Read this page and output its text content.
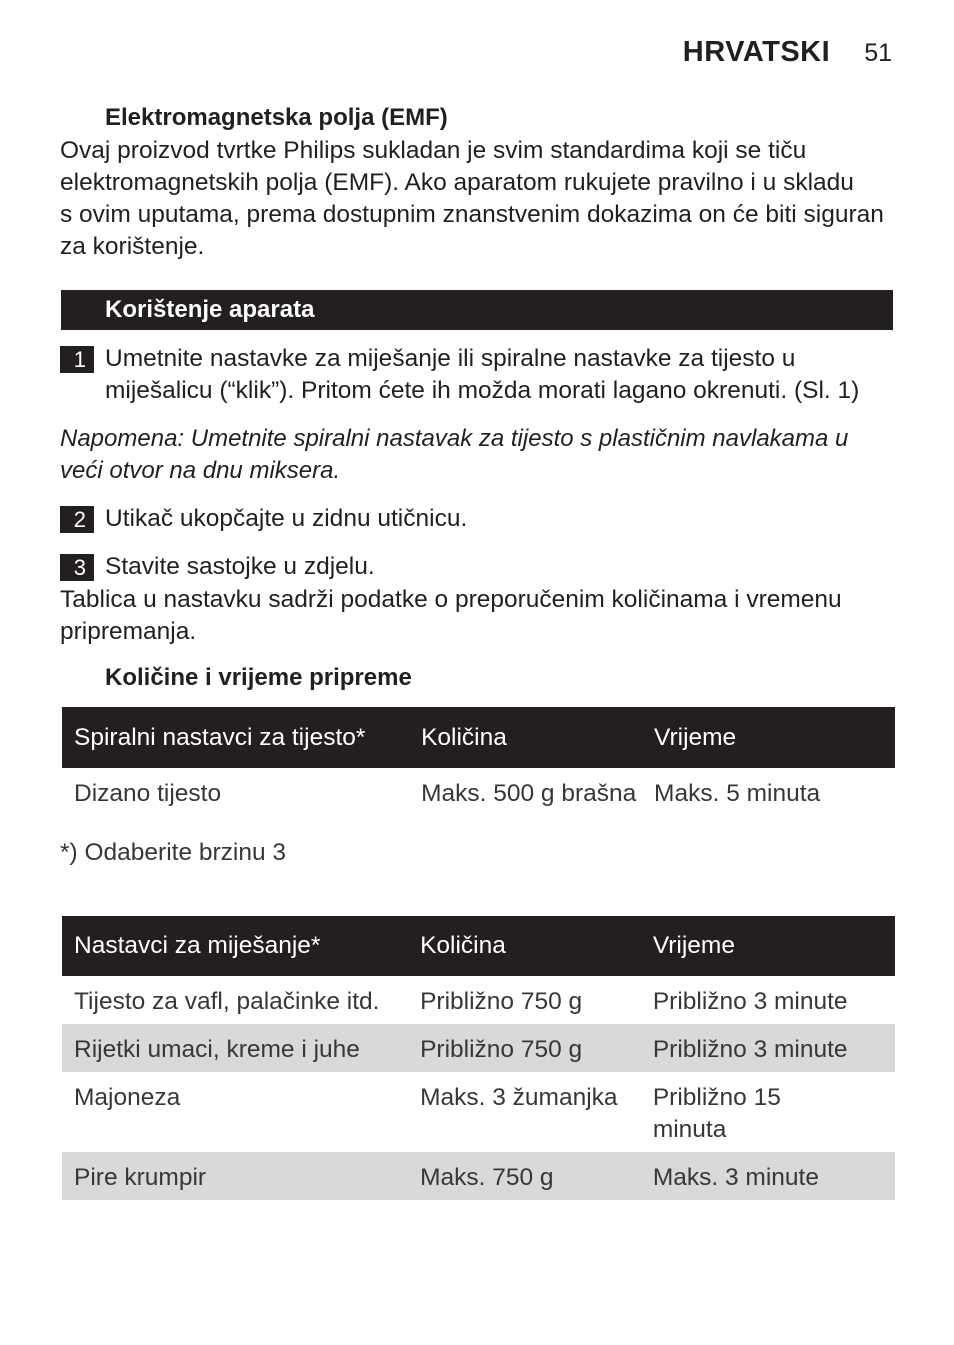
HRVATSKI 51
Elektromagnetska polja (EMF)

Ovaj proizvod tvrtke Philips sukladan je svim standardima koji se tiču
elektromagnetskih polja (EMF). Ako aparatom rukujete pravilno i u skladu
s ovim uputama, prema dostupnim znanstvenim dokazima on će biti siguran
za korištenje.

Korištenje aparata
1 Umetnite nastavke za miješanje ili spiralne nastavke za tijesto u
miješalicu (“klik”). Pritom ćete ih možda morati lagano okrenuti. (Sl. 1)

Napomena: Umetnite spiralni nastavak za tijesto s plastičnim navlakama u
veći otvor na dnu miksera.

2 Utikač ukopčajte u zidnu utičnicu.
3 Stavite sastojke u zdjelu.

Tablica u nastavku sadrži podatke o preporučenim količinama i vremenu
pripremanja.

Količine i vrijeme pripreme
Spiralni nastavci za tijesto*	Količina	Vrijeme
Dizano tijesto	Maks. 500 g brašna	Maks. 5 minuta
*) Odaberite brzinu 3
Nastavci za miješanje*	Količina	Vrijeme
Tijesto za vafl, palačinke itd.	Približno 750 g	Približno 3 minute
Rijetki umaci, kreme i juhe	Približno 750 g	Približno 3 minute
Majoneza	Maks. 3 žumanjka	Približno 15 minuta
Pire krumpir	Maks. 750 g	Maks. 3 minute
